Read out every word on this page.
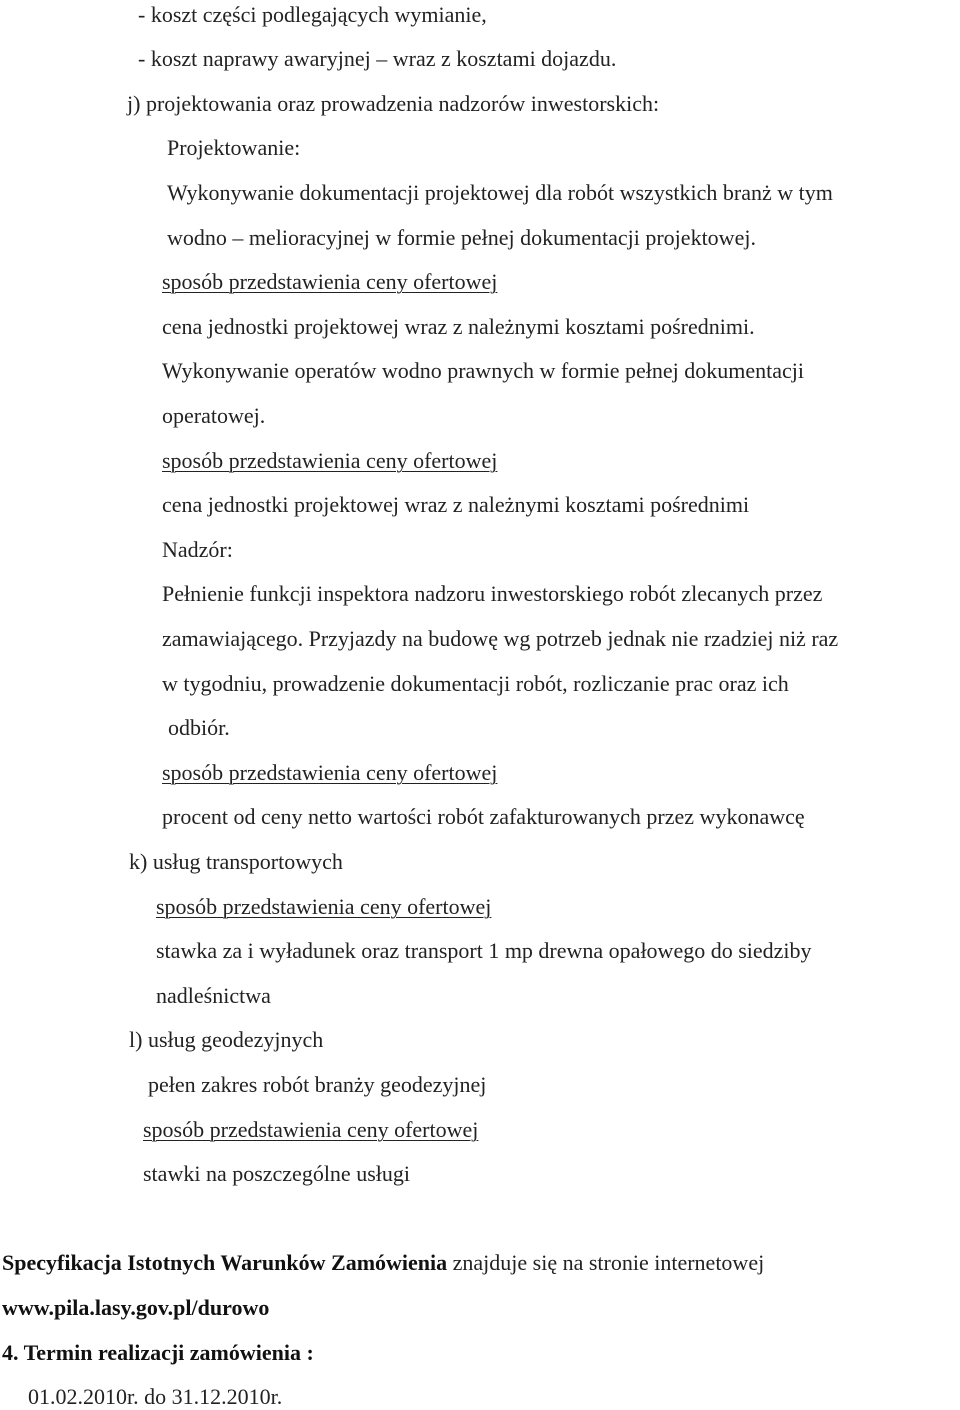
- koszt części podlegających wymianie,
- koszt naprawy awaryjnej – wraz z kosztami dojazdu.
j) projektowania oraz prowadzenia nadzorów inwestorskich:
Projektowanie:
Wykonywanie dokumentacji projektowej dla robót wszystkich branż w tym
wodno – melioracyjnej w formie pełnej dokumentacji projektowej.
sposób przedstawienia ceny ofertowej
cena jednostki projektowej wraz z należnymi kosztami pośrednimi.
Wykonywanie operatów wodno prawnych w formie pełnej dokumentacji
operatowej.
sposób przedstawienia ceny ofertowej
cena jednostki projektowej wraz z należnymi kosztami pośrednimi
Nadzór:
Pełnienie funkcji inspektora nadzoru inwestorskiego robót zlecanych przez
zamawiającego. Przyjazdy na budowę wg potrzeb jednak nie rzadziej niż raz
w tygodniu, prowadzenie dokumentacji robót, rozliczanie prac oraz ich
odbiór.
sposób przedstawienia ceny ofertowej
procent od ceny netto wartości robót zafakturowanych przez wykonawcę
k) usług transportowych
sposób przedstawienia ceny ofertowej
stawka za i wyładunek oraz transport 1 mp drewna opałowego do siedziby
nadleśnictwa
l) usług geodezyjnych
pełen zakres robót branży geodezyjnej
sposób przedstawienia ceny ofertowej
stawki na poszczególne usługi
Specyfikacja Istotnych Warunków Zamówienia znajduje się na stronie internetowej
www.pila.lasy.gov.pl/durowo
4. Termin realizacji zamówienia :
01.02.2010r. do 31.12.2010r.
